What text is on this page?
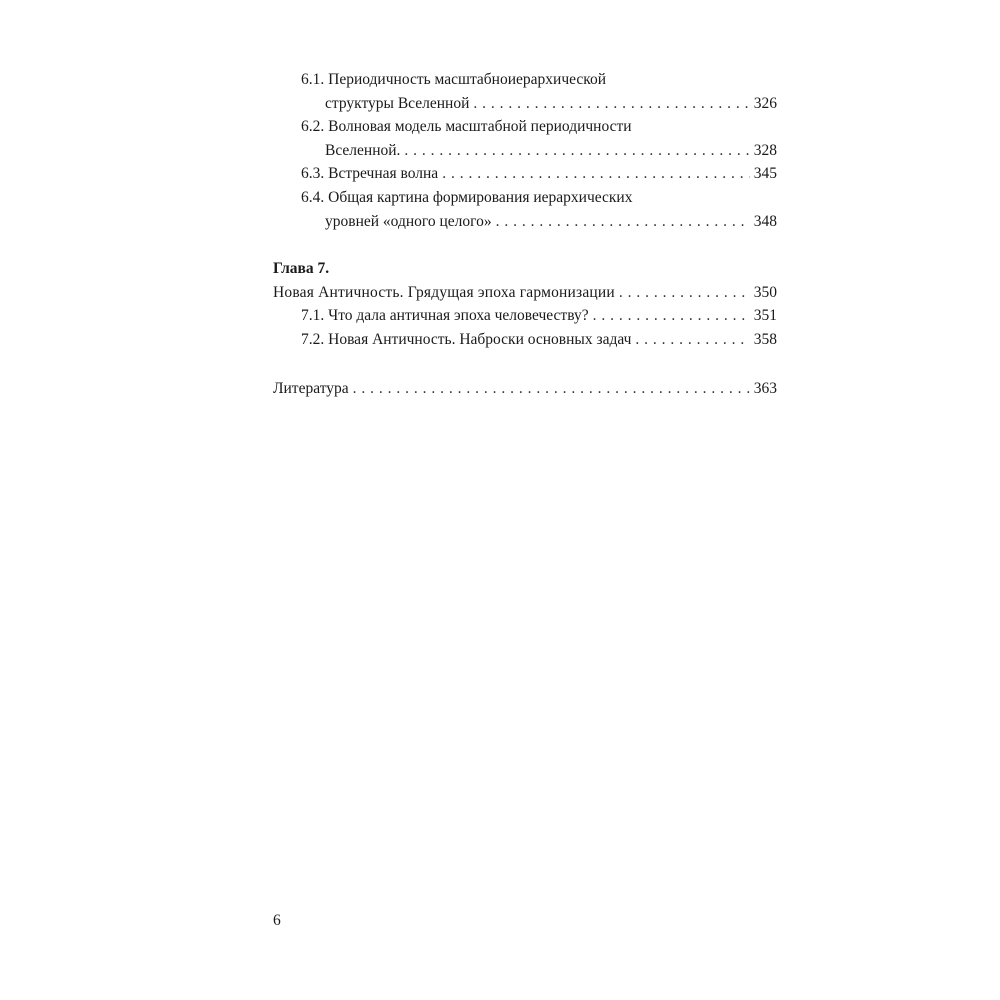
6.1. Периодичность масштабноиерархической
структуры Вселенной . . .	326
6.2. Волновая модель масштабной периодичности
Вселенной. . . .	328
6.3. Встречная волна . . .	345
6.4. Общая картина формирования иерархических
уровней «одного целого» . . .	348
Глава 7.
Новая Античность. Грядущая эпоха гармонизации . . .	350
7.1. Что дала античная эпоха человечеству? . . .	351
7.2. Новая Античность. Наброски основных задач . . .	358
Литература . . .	363
6
